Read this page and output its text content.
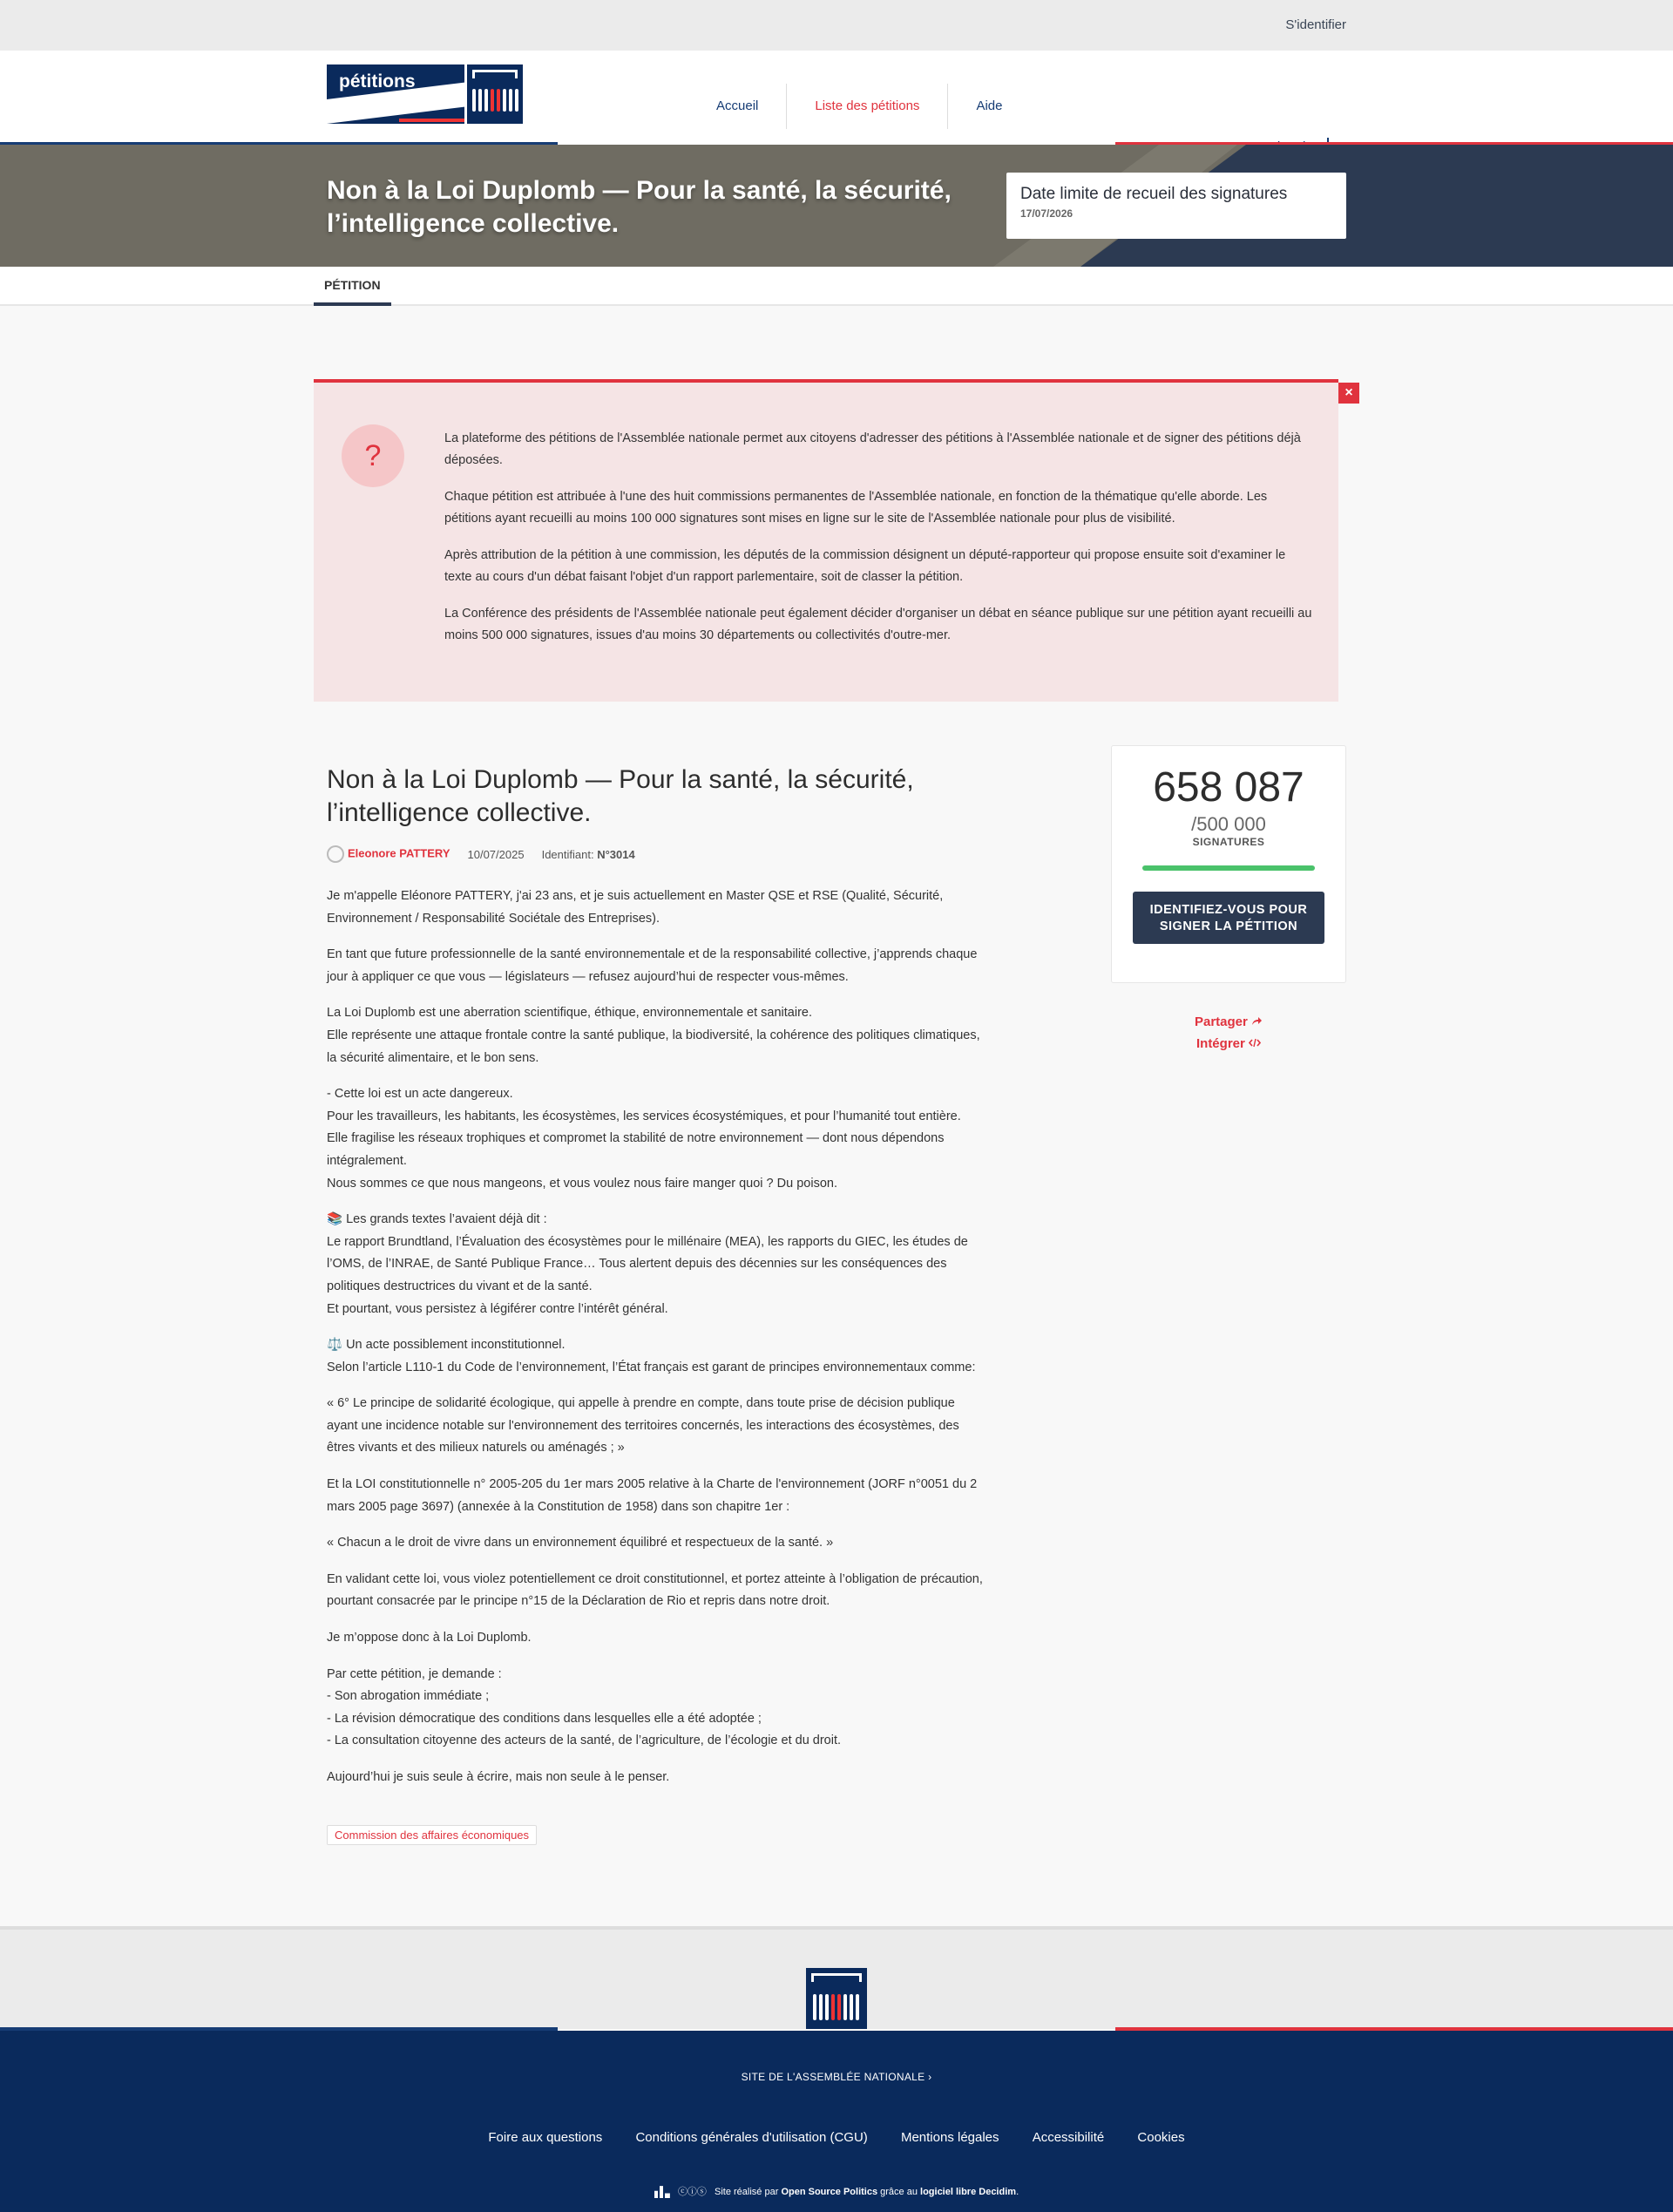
S'identifier
pétitions
Accueil	Liste des pétitions	Aide
Non à la Loi Duplomb — Pour la santé, la sécurité, l’intelligence collective.
Date limite de recueil des signatures
17/07/2026
PÉTITION
×
?

La plateforme des pétitions de l'Assemblée nationale permet aux citoyens d'adresser des pétitions à l'Assemblée nationale et de signer des pétitions déjà déposées.

Chaque pétition est attribuée à l'une des huit commissions permanentes de l'Assemblée nationale, en fonction de la thématique qu'elle aborde. Les pétitions ayant recueilli au moins 100 000 signatures sont mises en ligne sur le site de l'Assemblée nationale pour plus de visibilité.

Après attribution de la pétition à une commission, les députés de la commission désignent un député-rapporteur qui propose ensuite soit d'examiner le texte au cours d'un débat faisant l'objet d'un rapport parlementaire, soit de classer la pétition.

La Conférence des présidents de l'Assemblée nationale peut également décider d'organiser un débat en séance publique sur une pétition ayant recueilli au moins 500 000 signatures, issues d'au moins 30 départements ou collectivités d'outre-mer.

Non à la Loi Duplomb — Pour la santé, la sécurité, l’intelligence collective.
Eleonore PATTERY 10/07/2025 Identifiant: N°3014

Je m'appelle Eléonore PATTERY, j'ai 23 ans, et je suis actuellement en Master QSE et RSE (Qualité, Sécurité, Environnement / Responsabilité Sociétale des Entreprises).

En tant que future professionnelle de la santé environnementale et de la responsabilité collective, j’apprends chaque jour à appliquer ce que vous — législateurs — refusez aujourd’hui de respecter vous-mêmes.

La Loi Duplomb est une aberration scientifique, éthique, environnementale et sanitaire.
Elle représente une attaque frontale contre la santé publique, la biodiversité, la cohérence des politiques climatiques, la sécurité alimentaire, et le bon sens.

- Cette loi est un acte dangereux.
Pour les travailleurs, les habitants, les écosystèmes, les services écosystémiques, et pour l’humanité tout entière.
Elle fragilise les réseaux trophiques et compromet la stabilité de notre environnement — dont nous dépendons intégralement.
Nous sommes ce que nous mangeons, et vous voulez nous faire manger quoi ? Du poison.

📚 Les grands textes l’avaient déjà dit :
Le rapport Brundtland, l’Évaluation des écosystèmes pour le millénaire (MEA), les rapports du GIEC, les études de l’OMS, de l’INRAE, de Santé Publique France… Tous alertent depuis des décennies sur les conséquences des politiques destructrices du vivant et de la santé.
Et pourtant, vous persistez à légiférer contre l’intérêt général.

⚖️ Un acte possiblement inconstitutionnel.
Selon l’article L110-1 du Code de l’environnement, l’État français est garant de principes environnementaux comme:

« 6° Le principe de solidarité écologique, qui appelle à prendre en compte, dans toute prise de décision publique ayant une incidence notable sur l'environnement des territoires concernés, les interactions des écosystèmes, des êtres vivants et des milieux naturels ou aménagés ; »

Et la LOI constitutionnelle n° 2005-205 du 1er mars 2005 relative à la Charte de l'environnement (JORF n°0051 du 2 mars 2005 page 3697) (annexée à la Constitution de 1958) dans son chapitre 1er :

« Chacun a le droit de vivre dans un environnement équilibré et respectueux de la santé. »

En validant cette loi, vous violez potentiellement ce droit constitutionnel, et portez atteinte à l’obligation de précaution, pourtant consacrée par le principe n°15 de la Déclaration de Rio et repris dans notre droit.

Je m’oppose donc à la Loi Duplomb.

Par cette pétition, je demande :
- Son abrogation immédiate ;
- La révision démocratique des conditions dans lesquelles elle a été adoptée ;
- La consultation citoyenne des acteurs de la santé, de l’agriculture, de l’écologie et du droit.

Aujourd’hui je suis seule à écrire, mais non seule à le penser.

Commission des affaires économiques
658 087
/500 000
SIGNATURES
IDENTIFIEZ-VOUS POUR
SIGNER LA PÉTITION
Partager
Intégrer
SITE DE L'ASSEMBLÉE NATIONALE ›
Foire aux questions	Conditions générales d'utilisation (CGU)	Mentions légales	Accessibilité	Cookies
ⓒⓘⓢ Site réalisé par Open Source Politics grâce au logiciel libre Decidim.
